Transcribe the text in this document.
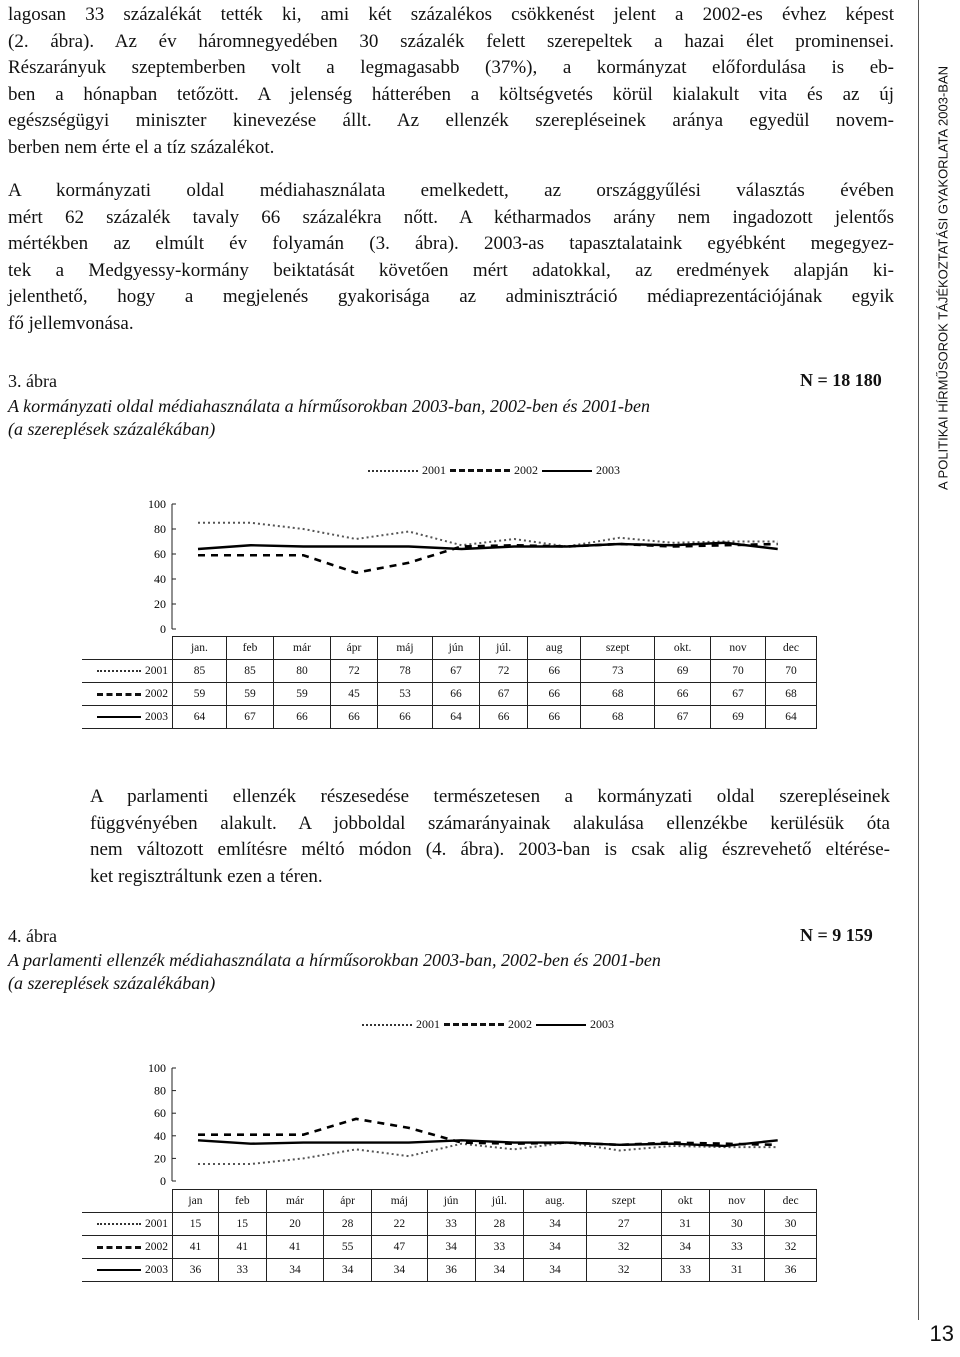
A POLITIKAI HÍRMŰSOROK TÁJÉKOZTATÁSI GYAKORLATA 2003-BAN
lagosan 33 százalékát tették ki, ami két százalékos csökkenést jelent a 2002-es évhez képest
(2. ábra). Az év háromnegyedében 30 százalék felett szerepeltek a hazai élet prominensei.
Részarányuk szeptemberben volt a legmagasabb (37%), a kormányzat előfordulása is eb-
ben a hónapban tetőzött. A jelenség hátterében a költségvetés körül kialakult vita és az új
egészségügyi miniszter kinevezése állt. Az ellenzék szerepléseinek aránya egyedül novem-
berben nem érte el a tíz százalékot.
A kormányzati oldal médiahasználata emelkedett, az országgyűlési választás évében
mért 62 százalék tavaly 66 százalékra nőtt. A kétharmados arány nem ingadozott jelentős
mértékben az elmúlt év folyamán (3. ábra). 2003-as tapasztalataink egyébként megegyez-
tek a Medgyessy-kormány beiktatását követően mért adatokkal, az eredmények alapján ki-
jelenthető, hogy a megjelenés gyakorisága az adminisztráció médiaprezentációjának egyik
fő jellemvonása.
3. ábra	N = 18 180
A kormányzati oldal médiahasználata a hírműsorokban 2003-ban, 2002-ben és 2001-ben
(a szereplések százalékában)
2001	2002	2003
100
80
60
40
20
0
	jan.	feb	már	ápr	máj	jún	júl.	aug	szept	okt.	nov	dec
2001	85	85	80	72	78	67	72	66	73	69	70	70
2002	59	59	59	45	53	66	67	66	68	66	67	68
2003	64	67	66	66	66	64	66	66	68	67	69	64
A parlamenti ellenzék részesedése természetesen a kormányzati oldal szerepléseinek
függvényében alakult. A jobboldal számarányainak alakulása ellenzékbe kerülésük óta
nem változott említésre méltó módon (4. ábra). 2003-ban is csak alig észrevehető eltérése-
ket regisztráltunk ezen a téren.
4. ábra	N = 9 159
A parlamenti ellenzék médiahasználata a hírműsorokban 2003-ban, 2002-ben és 2001-ben
(a szereplések százalékában)
2001	2002	2003
100
80
60
40
20
0
	jan	feb	már	ápr	máj	jún	júl.	aug.	szept	okt	nov	dec
2001	15	15	20	28	22	33	28	34	27	31	30	30
2002	41	41	41	55	47	34	33	34	32	34	33	32
2003	36	33	34	34	34	36	34	34	32	33	31	36
13
